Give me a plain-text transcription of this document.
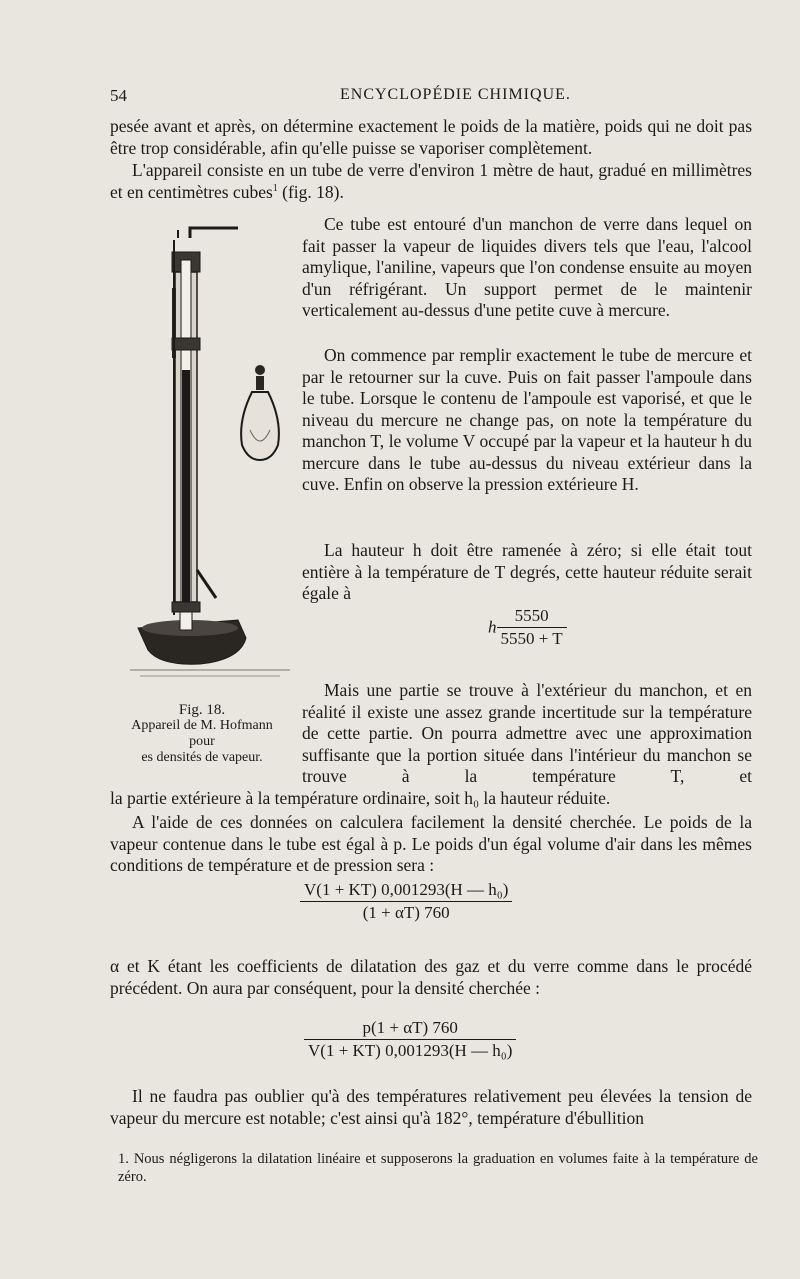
54	ENCYCLOPÉDIE CHIMIQUE.
pesée avant et après, on détermine exactement le poids de la matière, poids qui ne doit pas être trop considérable, afin qu'elle puisse se vaporiser complètement.
L'appareil consiste en un tube de verre d'environ 1 mètre de haut, gradué en millimètres et en centimètres cubes$^1$ (fig. 18).
Ce tube est entouré d'un manchon de verre dans lequel on fait passer la vapeur de liquides divers tels que l'eau, l'alcool amylique, l'aniline, vapeurs que l'on condense ensuite au moyen d'un réfrigérant. Un support permet de le maintenir verticalement au-dessus d'une petite cuve à mercure.
On commence par remplir exactement le tube de mercure et par le retourner sur la cuve. Puis on fait passer l'ampoule dans le tube. Lorsque le contenu de l'ampoule est vaporisé, et que le niveau du mercure ne change pas, on note la température du manchon T, le volume V occupé par la vapeur et la hauteur h du mercure dans le tube au-dessus du niveau extérieur dans la cuve. Enfin on observe la pression extérieure H.
La hauteur h doit être ramenée à zéro; si elle était tout entière à la température de T degrés, cette hauteur réduite serait égale à
h $\frac{5550}{5550 + T}$
Mais une partie se trouve à l'extérieur du manchon, et en réalité il existe une assez grande incertitude sur la température de cette partie. On pourra admettre avec une approximation suffisante que la portion située dans l'intérieur du manchon se trouve à la température T, et
la partie extérieure à la température ordinaire, soit h₀ la hauteur réduite.
A l'aide de ces données on calculera facilement la densité cherchée. Le poids de la vapeur contenue dans le tube est égal à p. Le poids d'un égal volume d'air dans les mêmes conditions de température et de pression sera :
$\frac{\text{V(1 + KT) 0,001293(H — h₀)}}{(1 + \alpha T) 760}$
α et K étant les coefficients de dilatation des gaz et du verre comme dans le procédé précédent. On aura par conséquent, pour la densité cherchée :
$\frac{p(1 + \alpha T) 760}{\text{V(1 + KT) 0,001293(H — h₀)}}$
Il ne faudra pas oublier qu'à des températures relativement peu élevées la tension de vapeur du mercure est notable; c'est ainsi qu'à 182°, température d'ébullition
Fig. 18.
Appareil de M. Hofmann
pour
es densités de vapeur.
1. Nous négligerons la dilatation linéaire et supposerons la graduation en volumes faite à la température de zéro.
